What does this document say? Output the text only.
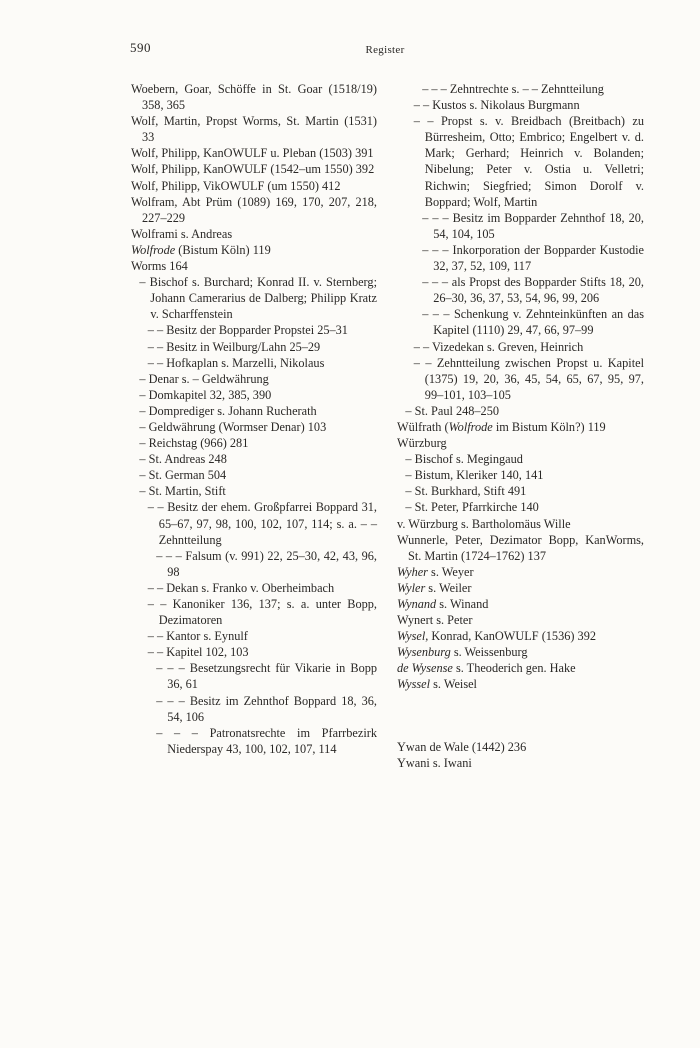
590	Register

Woebern, Goar, Schöffe in St. Goar (1518/19) 358, 365

Wolf, Martin, Propst Worms, St. Martin (1531) 33

Wolf, Philipp, KanOWULF u. Pleban (1503) 391

Wolf, Philipp, KanOWULF (1542–um 1550) 392

Wolf, Philipp, VikOWULF (um 1550) 412

Wolfram, Abt Prüm (1089) 169, 170, 207, 218, 227–229

Wolframi s. Andreas

Wolfrode (Bistum Köln) 119

Worms 164

– Bischof s. Burchard; Konrad II. v. Sternberg; Johann Camerarius de Dalberg; Philipp Kratz v. Scharffenstein

– – Besitz der Bopparder Propstei 25–31

– – Besitz in Weilburg/Lahn 25–29

– – Hofkaplan s. Marzelli, Nikolaus

– Denar s. – Geldwährung

– Domkapitel 32, 385, 390

– Domprediger s. Johann Rucherath

– Geldwährung (Wormser Denar) 103

– Reichstag (966) 281

– St. Andreas 248

– St. German 504

– St. Martin, Stift

– – Besitz der ehem. Großpfarrei Boppard 31, 65–67, 97, 98, 100, 102, 107, 114; s. a. – – Zehntteilung

– – – Falsum (v. 991) 22, 25–30, 42, 43, 96, 98

– – Dekan s. Franko v. Oberheimbach

– – Kanoniker 136, 137; s. a. unter Bopp, Dezimatoren

– – Kantor s. Eynulf

– – Kapitel 102, 103

– – – Besetzungsrecht für Vikarie in Bopp 36, 61

– – – Besitz im Zehnthof Boppard 18, 36, 54, 106

– – – Patronatsrechte im Pfarrbezirk Niederspay 43, 100, 102, 107, 114

– – – Zehntrechte s. – – Zehntteilung

– – Kustos s. Nikolaus Burgmann

– – Propst s. v. Breidbach (Breitbach) zu Bürresheim, Otto; Embrico; Engelbert v. d. Mark; Gerhard; Heinrich v. Bolanden; Nibelung; Peter v. Ostia u. Velletri; Richwin; Siegfried; Simon Dorolf v. Boppard; Wolf, Martin

– – – Besitz im Bopparder Zehnthof 18, 20, 54, 104, 105

– – – Inkorporation der Bopparder Kustodie 32, 37, 52, 109, 117

– – – als Propst des Bopparder Stifts 18, 20, 26–30, 36, 37, 53, 54, 96, 99, 206

– – – Schenkung v. Zehnteinkünften an das Kapitel (1110) 29, 47, 66, 97–99

– – Vizedekan s. Greven, Heinrich

– – Zehntteilung zwischen Propst u. Kapitel (1375) 19, 20, 36, 45, 54, 65, 67, 95, 97, 99–101, 103–105

– St. Paul 248–250

Wülfrath (Wolfrode im Bistum Köln?) 119

Würzburg

– Bischof s. Megingaud

– Bistum, Kleriker 140, 141

– St. Burkhard, Stift 491

– St. Peter, Pfarrkirche 140

v. Würzburg s. Bartholomäus Wille

Wunnerle, Peter, Dezimator Bopp, KanWorms, St. Martin (1724–1762) 137

Wyher s. Weyer

Wyler s. Weiler

Wynand s. Winand

Wynert s. Peter

Wysel, Konrad, KanOWULF (1536) 392

Wysenburg s. Weissenburg

de Wysense s. Theoderich gen. Hake

Wyssel s. Weisel

Ywan de Wale (1442) 236

Ywani s. Iwani
